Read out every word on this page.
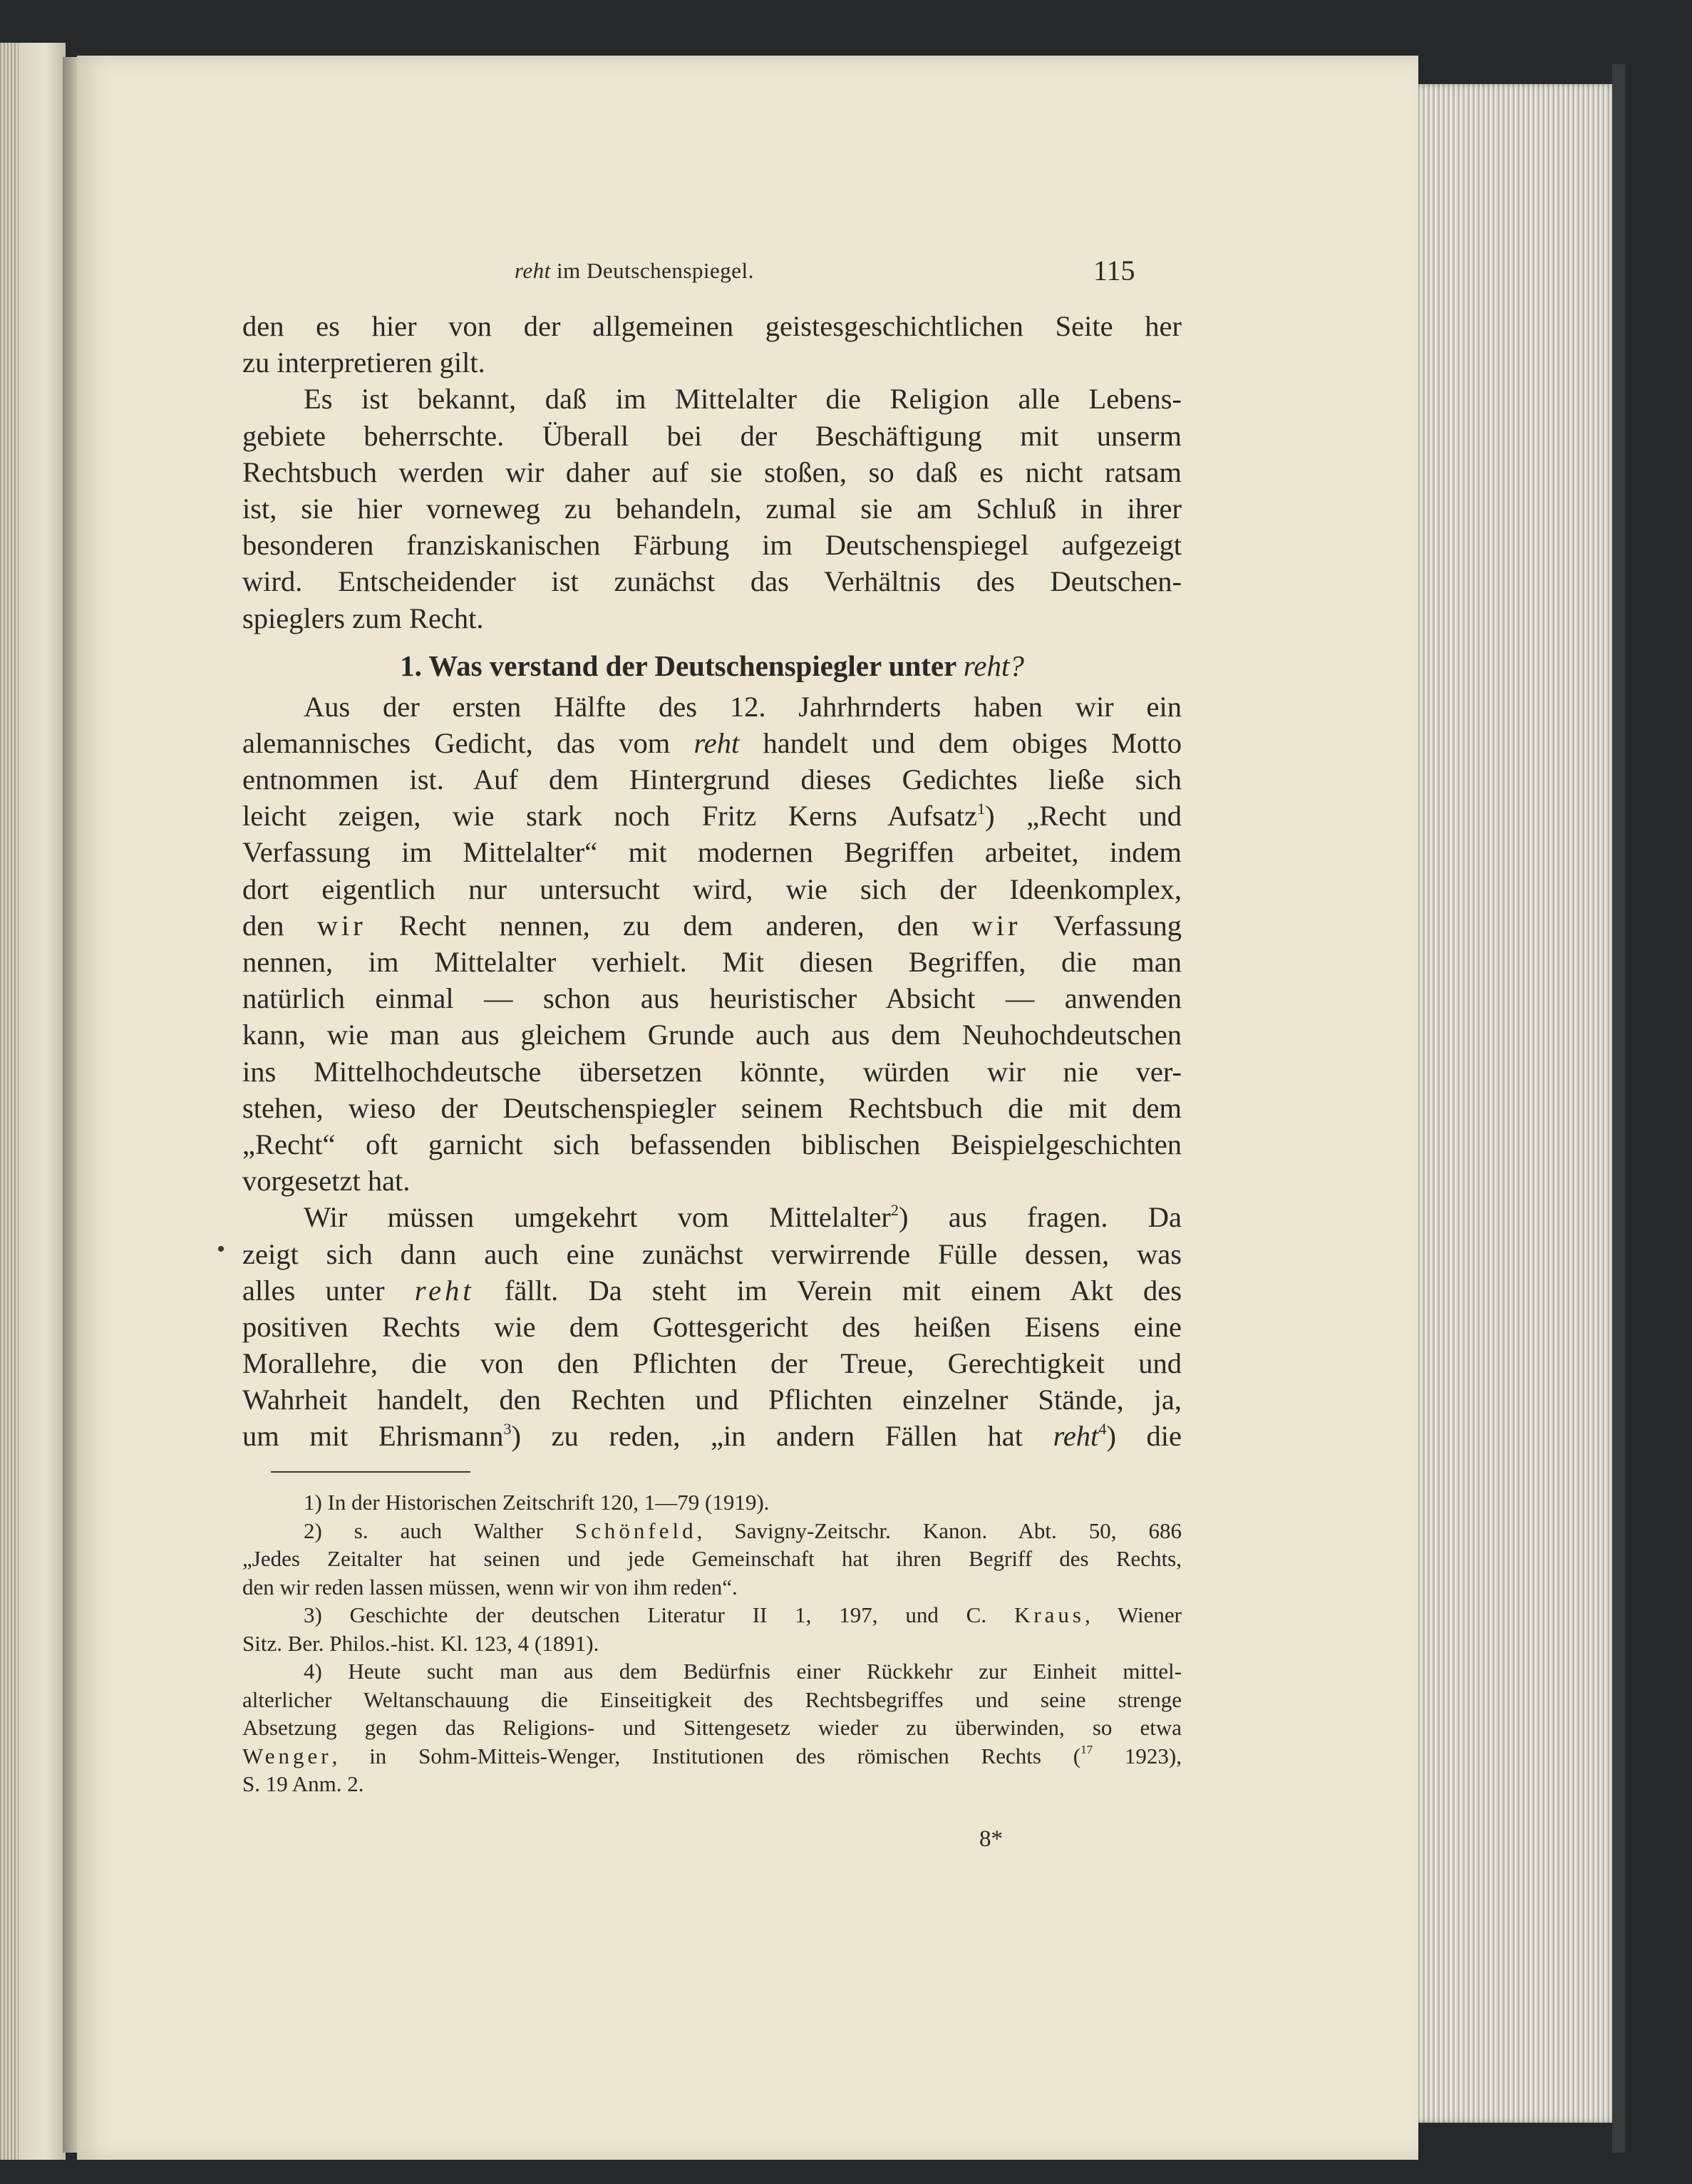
reht im Deutschenspiegel.	115
den es hier von der allgemeinen geistesgeschichtlichen Seite her
zu interpretieren gilt.
Es ist bekannt, daß im Mittelalter die Religion alle Lebens-
gebiete beherrschte. Überall bei der Beschäftigung mit unserm
Rechtsbuch werden wir daher auf sie stoßen, so daß es nicht ratsam
ist, sie hier vorneweg zu behandeln, zumal sie am Schluß in ihrer
besonderen franziskanischen Färbung im Deutschenspiegel aufgezeigt
wird. Entscheidender ist zunächst das Verhältnis des Deutschen-
spieglers zum Recht.
1. Was verstand der Deutschenspiegler unter reht?
Aus der ersten Hälfte des 12. Jahrhrnderts haben wir ein
alemannisches Gedicht, das vom reht handelt und dem obiges Motto
entnommen ist. Auf dem Hintergrund dieses Gedichtes ließe sich
leicht zeigen, wie stark noch Fritz Kerns Aufsatz$^1$) „Recht und
Verfassung im Mittelalter“ mit modernen Begriffen arbeitet, indem
dort eigentlich nur untersucht wird, wie sich der Ideenkomplex,
den wir Recht nennen, zu dem anderen, den wir Verfassung
nennen, im Mittelalter verhielt. Mit diesen Begriffen, die man
natürlich einmal — schon aus heuristischer Absicht — anwenden
kann, wie man aus gleichem Grunde auch aus dem Neuhochdeutschen
ins Mittelhochdeutsche übersetzen könnte, würden wir nie ver-
stehen, wieso der Deutschenspiegler seinem Rechtsbuch die mit dem
„Recht“ oft garnicht sich befassenden biblischen Beispielgeschichten
vorgesetzt hat.
Wir müssen umgekehrt vom Mittelalter$^2$) aus fragen. Da
zeigt sich dann auch eine zunächst verwirrende Fülle dessen, was
alles unter reht fällt. Da steht im Verein mit einem Akt des
positiven Rechts wie dem Gottesgericht des heißen Eisens eine
Morallehre, die von den Pflichten der Treue, Gerechtigkeit und
Wahrheit handelt, den Rechten und Pflichten einzelner Stände, ja,
um mit Ehrismann$^3$) zu reden, „in andern Fällen hat reht$^4$) die
1) In der Historischen Zeitschrift 120, 1—79 (1919).
2) s. auch Walther Schönfeld, Savigny-Zeitschr. Kanon. Abt. 50, 686
„Jedes Zeitalter hat seinen und jede Gemeinschaft hat ihren Begriff des Rechts,
den wir reden lassen müssen, wenn wir von ihm reden“.
3) Geschichte der deutschen Literatur II 1, 197, und C. Kraus, Wiener
Sitz. Ber. Philos.-hist. Kl. 123, 4 (1891).
4) Heute sucht man aus dem Bedürfnis einer Rückkehr zur Einheit mittel-
alterlicher Weltanschauung die Einseitigkeit des Rechtsbegriffes und seine strenge
Absetzung gegen das Religions- und Sittengesetz wieder zu überwinden, so etwa
Wenger, in Sohm-Mitteis-Wenger, Institutionen des römischen Rechts ($^{17}$ 1923),
S. 19 Anm. 2.
8*
